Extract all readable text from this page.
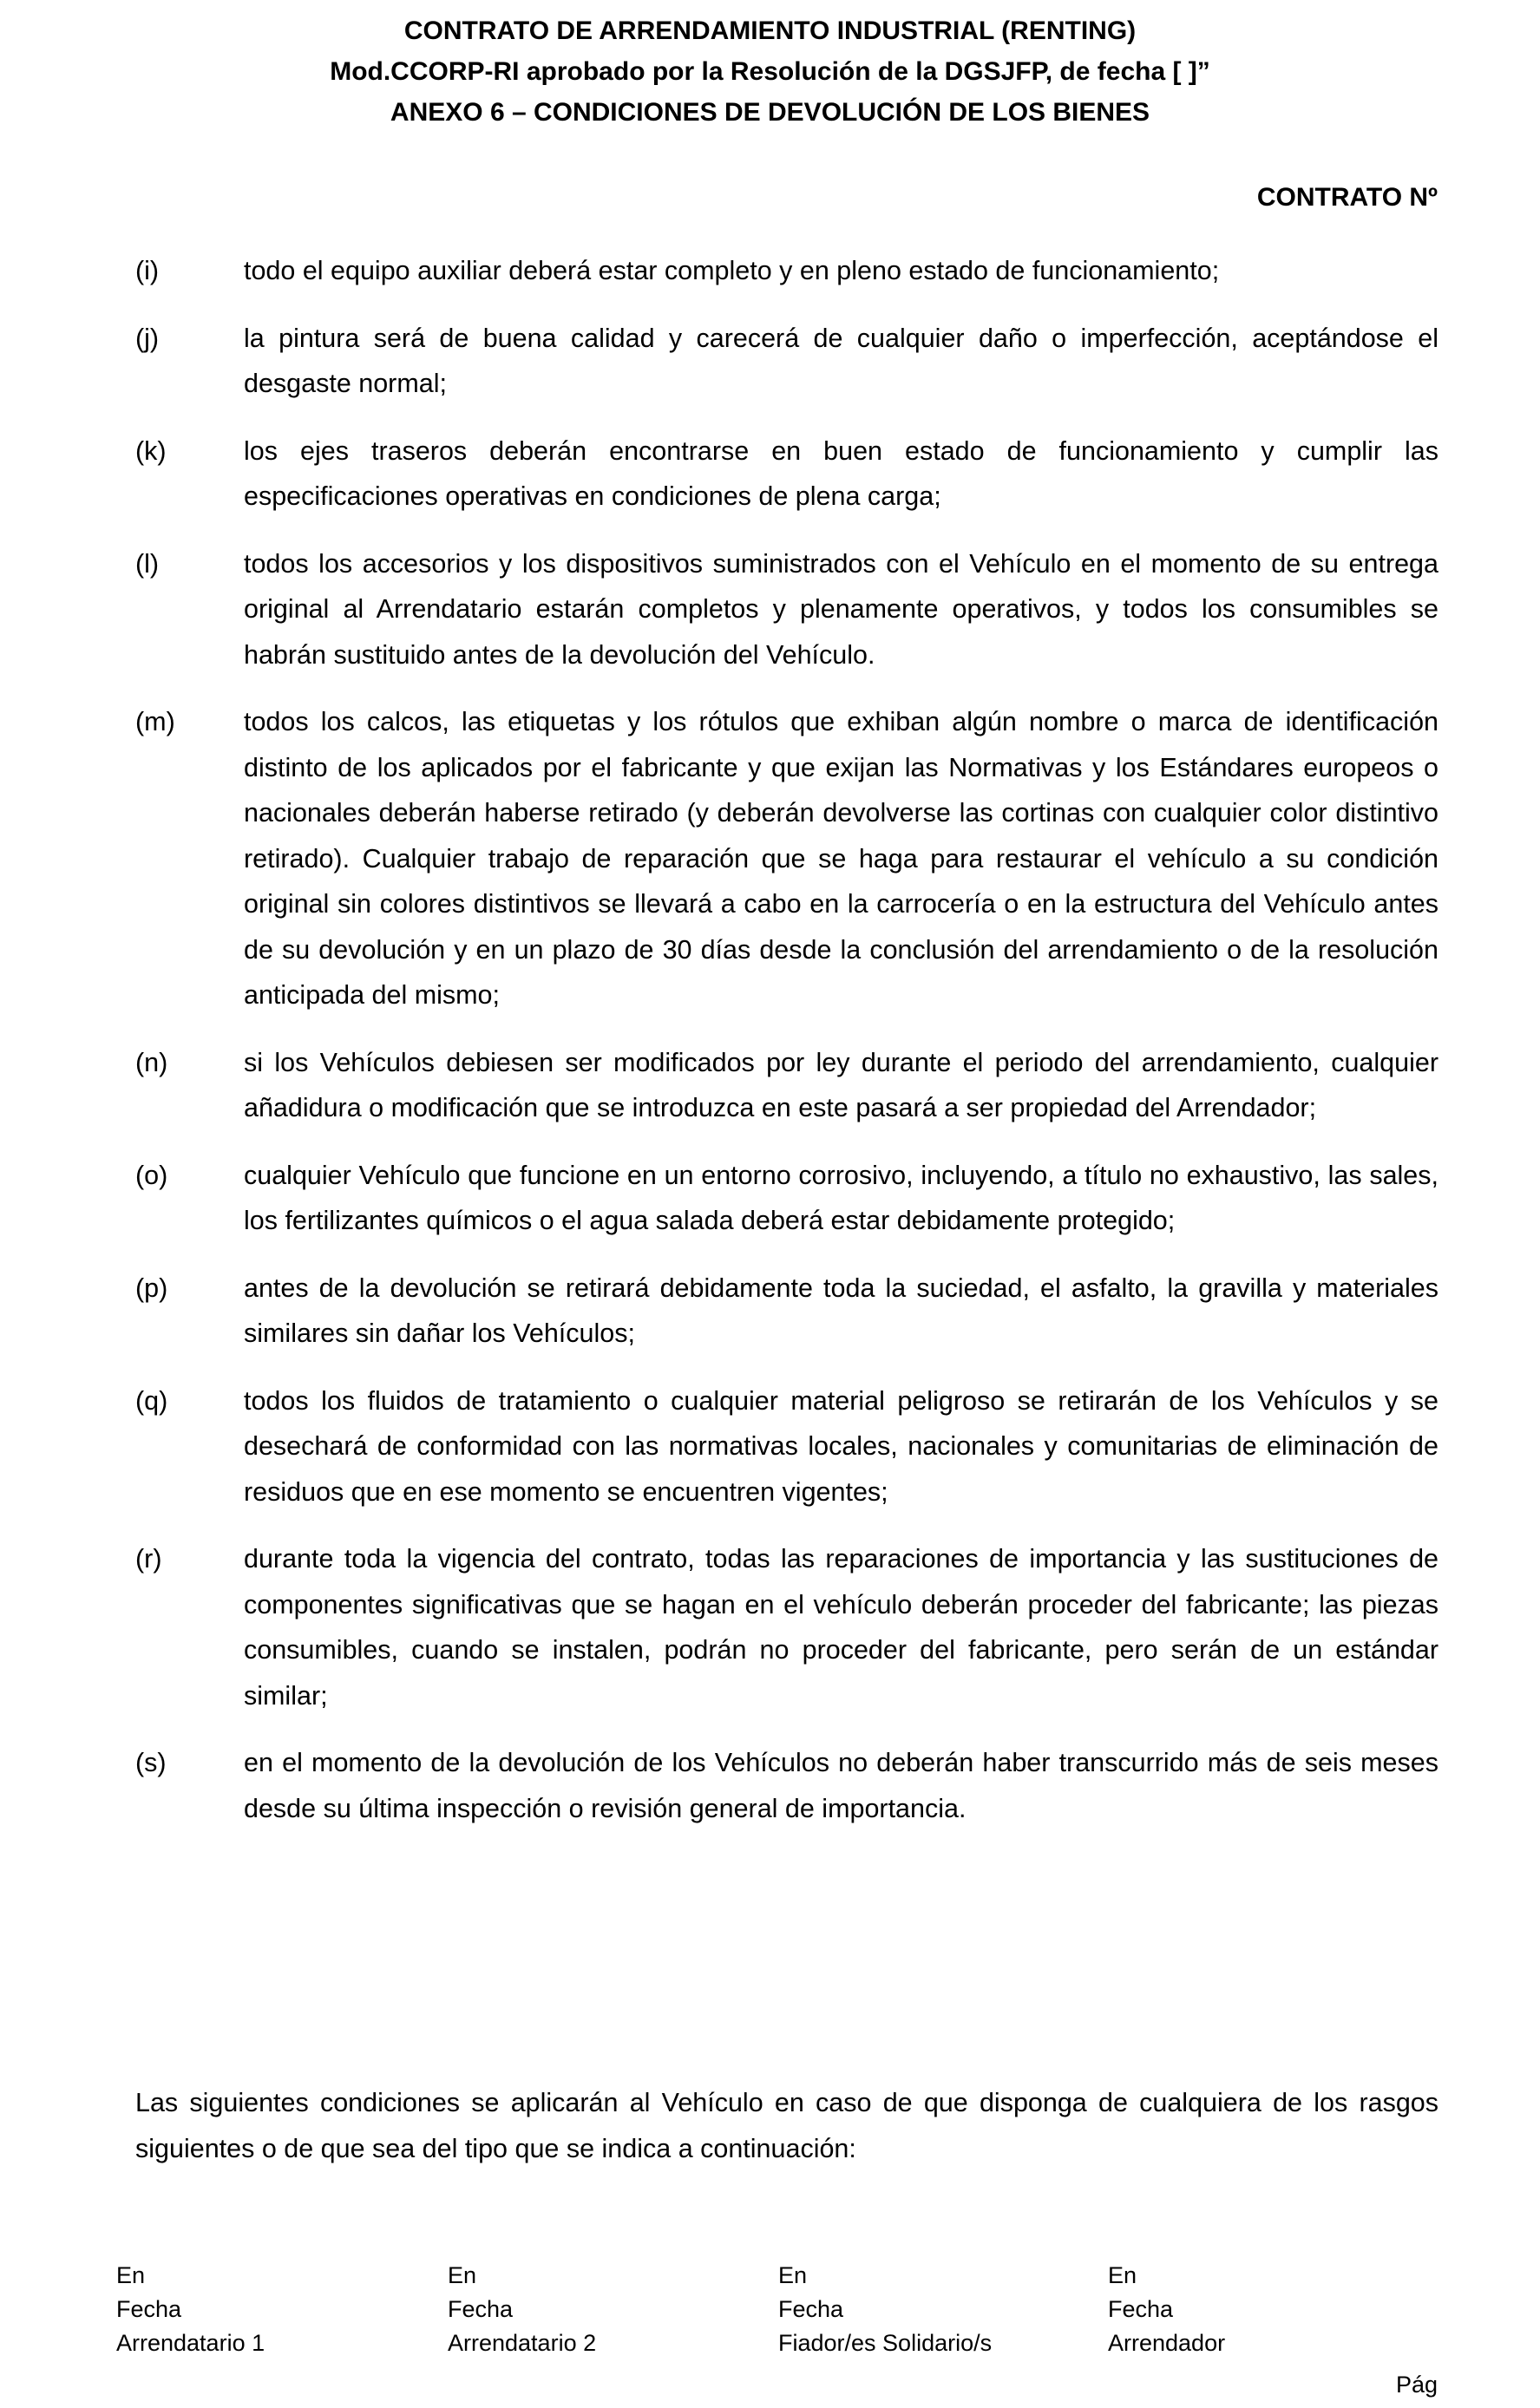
CONTRATO DE ARRENDAMIENTO INDUSTRIAL (RENTING)
Mod.CCORP-RI aprobado por la Resolución de la DGSJFP, de fecha [ ]”
ANEXO 6 – CONDICIONES DE DEVOLUCIÓN DE LOS BIENES
CONTRATO Nº
(i)	todo el equipo auxiliar deberá estar completo y en pleno estado de funcionamiento;
(j)	la pintura será de buena calidad y carecerá de cualquier daño o imperfección, aceptándose el desgaste normal;
(k)	los ejes traseros deberán encontrarse en buen estado de funcionamiento y cumplir las especificaciones operativas en condiciones de plena carga;
(l)	todos los accesorios y los dispositivos suministrados con el Vehículo en el momento de su entrega original al Arrendatario estarán completos y plenamente operativos, y todos los consumibles se habrán sustituido antes de la devolución del Vehículo.
(m)	todos los calcos, las etiquetas y los rótulos que exhiban algún nombre o marca de identificación distinto de los aplicados por el fabricante y que exijan las Normativas y los Estándares europeos o nacionales deberán haberse retirado (y deberán devolverse las cortinas con cualquier color distintivo retirado). Cualquier trabajo de reparación que se haga para restaurar el vehículo a su condición original sin colores distintivos se llevará a cabo en la carrocería o en la estructura del Vehículo antes de su devolución y en un plazo de 30 días desde la conclusión del arrendamiento o de la resolución anticipada del mismo;
(n)	si los Vehículos debiesen ser modificados por ley durante el periodo del arrendamiento, cualquier añadidura o modificación que se introduzca en este pasará a ser propiedad del Arrendador;
(o)	cualquier Vehículo que funcione en un entorno corrosivo, incluyendo, a título no exhaustivo, las sales, los fertilizantes químicos o el agua salada deberá estar debidamente protegido;
(p)	antes de la devolución se retirará debidamente toda la suciedad, el asfalto, la gravilla y materiales similares sin dañar los Vehículos;
(q)	todos los fluidos de tratamiento o cualquier material peligroso se retirarán de los Vehículos y se desechará de conformidad con las normativas locales, nacionales y comunitarias de eliminación de residuos que en ese momento se encuentren vigentes;
(r)	durante toda la vigencia del contrato, todas las reparaciones de importancia y las sustituciones de componentes significativas que se hagan en el vehículo deberán proceder del fabricante; las piezas consumibles, cuando se instalen, podrán no proceder del fabricante, pero serán de un estándar similar;
(s)	en el momento de la devolución de los Vehículos no deberán haber transcurrido más de seis meses desde su última inspección o revisión general de importancia.
Las siguientes condiciones se aplicarán al Vehículo en caso de que disponga de cualquiera de los rasgos siguientes o de que sea del tipo que se indica a continuación:
En
Fecha
Arrendatario 1
En
Fecha
Arrendatario 2
En
Fecha
Fiador/es Solidario/s
En
Fecha
Arrendador
Pág
